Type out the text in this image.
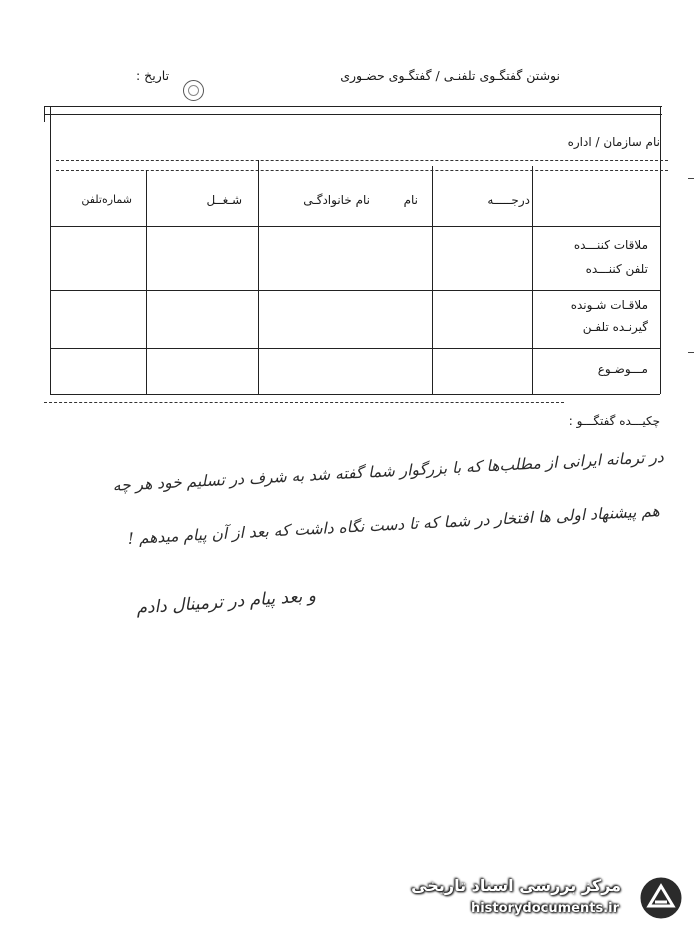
نوشتن گفتگـوی تلفنـی / گفتگـوی حضـوری
تاریخ :
نام سازمان / اداره
درجـــــه
نام
نام خانوادگـی
شـغــل
شماره‌تلفن
ملاقات کننـــده
تلفن کننـــده
ملاقـات شـونده
گیرنـده تلفـن
مـــوضـوع
چکیـــده گفتگـــو :
در ترمانه ایرانی از مطلب‌ها که با بزرگوار شما گفته شد به شرف در تسلیم خود هر چه
هم پیشنهاد اولی ها افتخار در شما که تا دست نگاه داشت که بعد از آن پیام میدهم !
و بعد پیام در ترمینال دادم
مرکز بررسی اسناد تاریخی
historydocuments.ir
